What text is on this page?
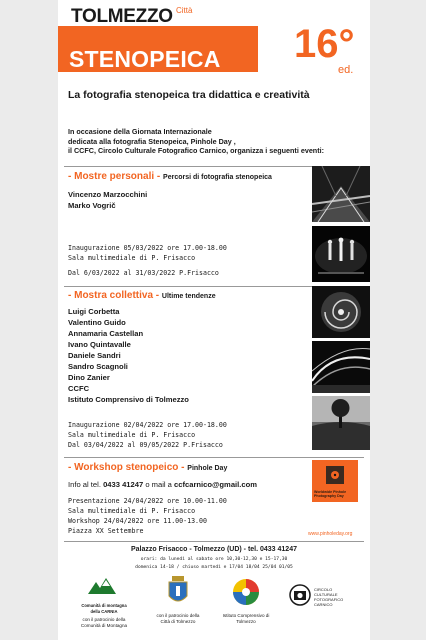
TOLMEZZO Città
STENOPEICA 16°
ed.
La fotografia stenopeica tra didattica e creatività
In occasione della Giornata Internazionale
dedicata alla fotografia Stenopeica, Pinhole Day ,
il CCFC, Circolo Culturale Fotografico Carnico, organizza i seguenti eventi:
- Mostre personali - Percorsi di fotografia stenopeica
Vincenzo Marzocchini
Marko Vogrič
Inaugurazione 05/03/2022 ore 17.00-18.00
Sala multimediale di P. Frisacco
Dal 6/03/2022 al 31/03/2022 P.Frisacco
- Mostra collettiva - Ultime tendenze
Luigi Corbetta
Valentino Guido
Annamaria Castellan
Ivano Quintavalle
Daniele Sandri
Sandro Scagnoli
Dino Zanier
CCFC
Istituto Comprensivo di Tolmezzo
Inaugurazione 02/04/2022 ore 17.00-18.00
Sala multimediale di P. Frisacco
Dal 03/04/2022 al 09/05/2022 P.Frisacco
- Workshop stenopeico - Pinhole Day
Info al tel. 0433 41247 o mail a ccfcarnico@gmail.com
Presentazione 24/04/2022 ore 10.00-11.00
Sala multimediale di P. Frisacco
Workshop 24/04/2022 ore 11.00-13.00
Piazza XX Settembre
Worldwide Pinhole Photography Day
www.pinholeday.org
Palazzo Frisacco - Tolmezzo (UD) - tel. 0433 41247
orari: da lunedì al sabato ore 10,30-12,30 e 15-17,30
domenica 14-18 / chiuso martedì e 17/04 18/04 25/04 01/05
Comunità di montagna della CARNIA
con il patrocinio della Comunità di Montagna
con il patrocinio della Città di Tolmezzo
Istituto Comprensivo di Tolmezzo
CIRCOLO CULTURALE FOTOGRAFICO CARNICO
